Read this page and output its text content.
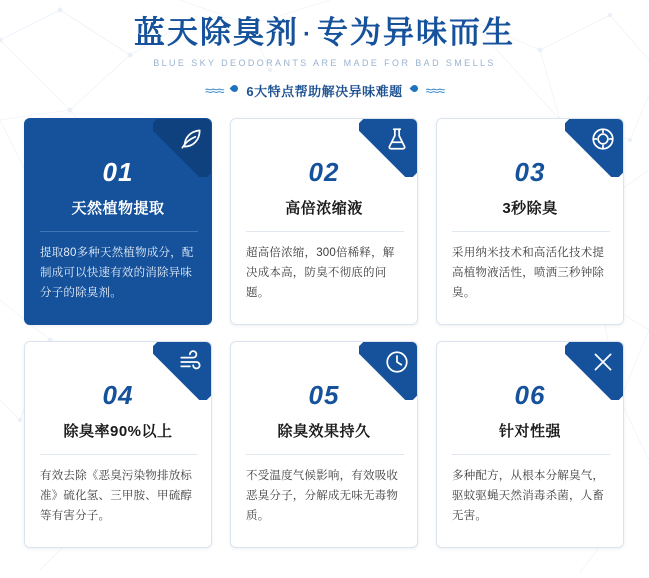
蓝天除臭剂 · 专为异味而生
BLUE SKY DEODORANTS ARE MADE FOR BAD SMELLS
≈≈≈ 6大特点帮助解决异味难题 ≈≈≈
01
天然植物提取
提取80多种天然植物成分，配制成可以快速有效的消除异味分子的除臭剂。
02
高倍浓缩液
超高倍浓缩，300倍稀释，解决成本高，防臭不彻底的问题。
03
3秒除臭
采用纳米技术和高活化技术提高植物液活性，喷洒三秒钟除臭。
04
除臭率90%以上
有效去除《恶臭污染物排放标准》硫化氢、三甲胺、甲硫醇等有害分子。
05
除臭效果持久
不受温度气候影响，有效吸收恶臭分子，分解成无味无毒物质。
06
针对性强
多种配方，从根本分解臭气，驱蚊驱蝇天然消毒杀菌，人畜无害。
